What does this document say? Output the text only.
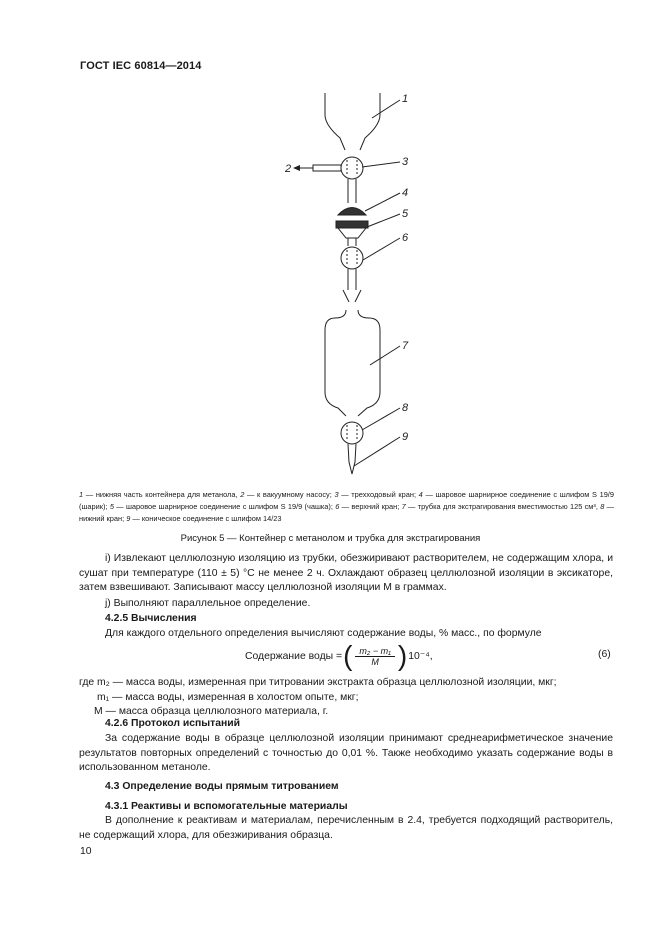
ГОСТ IEC 60814—2014
1
2
3
4
5
6
7
8
9
1 — нижняя часть контейнера для метанола, 2 — к вакуумному насосу; 3 — трехходовый кран; 4 — шаровое шарнирное соединение с шлифом S 19/9 (шарик); 5 — шаровое шарнирное соединение с шлифом S 19/9 (чашка); 6 — верхний кран; 7 — трубка для экстрагирования вместимостью 125 см³, 8 — нижний кран; 9 — коническое соединение с шлифом 14/23
Рисунок 5 — Контейнер с метанолом и трубка для экстрагирования
i) Извлекают целлюлозную изоляцию из трубки, обезжиривают растворителем, не содержащим хлора, и сушат при температуре (110 ± 5) °С не менее 2 ч. Охлаждают образец целлюлозной изоляции в эксикаторе, затем взвешивают. Записывают массу целлюлозной изоляции M в граммах.
j) Выполняют параллельное определение.
4.2.5 Вычисления
Для каждого отдельного определения вычисляют содержание воды, % масс., по формуле
Содержание воды = ( $\frac{\text{m₂ − m₁}}{M}$ ) 10⁻⁴,	(6)
где m₂ — масса воды, измеренная при титровании экстракта образца целлюлозной изоляции, мкг;
m₁ — масса воды, измеренная в холостом опыте, мкг;
M — масса образца целлюлозного материала, г.
4.2.6 Протокол испытаний
За содержание воды в образце целлюлозной изоляции принимают среднеарифметическое значение результатов повторных определений с точностью до 0,01 %. Также необходимо указать содержание воды в использованном метаноле.
4.3 Определение воды прямым титрованием
4.3.1 Реактивы и вспомогательные материалы
В дополнение к реактивам и материалам, перечисленным в 2.4, требуется подходящий растворитель, не содержащий хлора, для обезжиривания образца.
10
